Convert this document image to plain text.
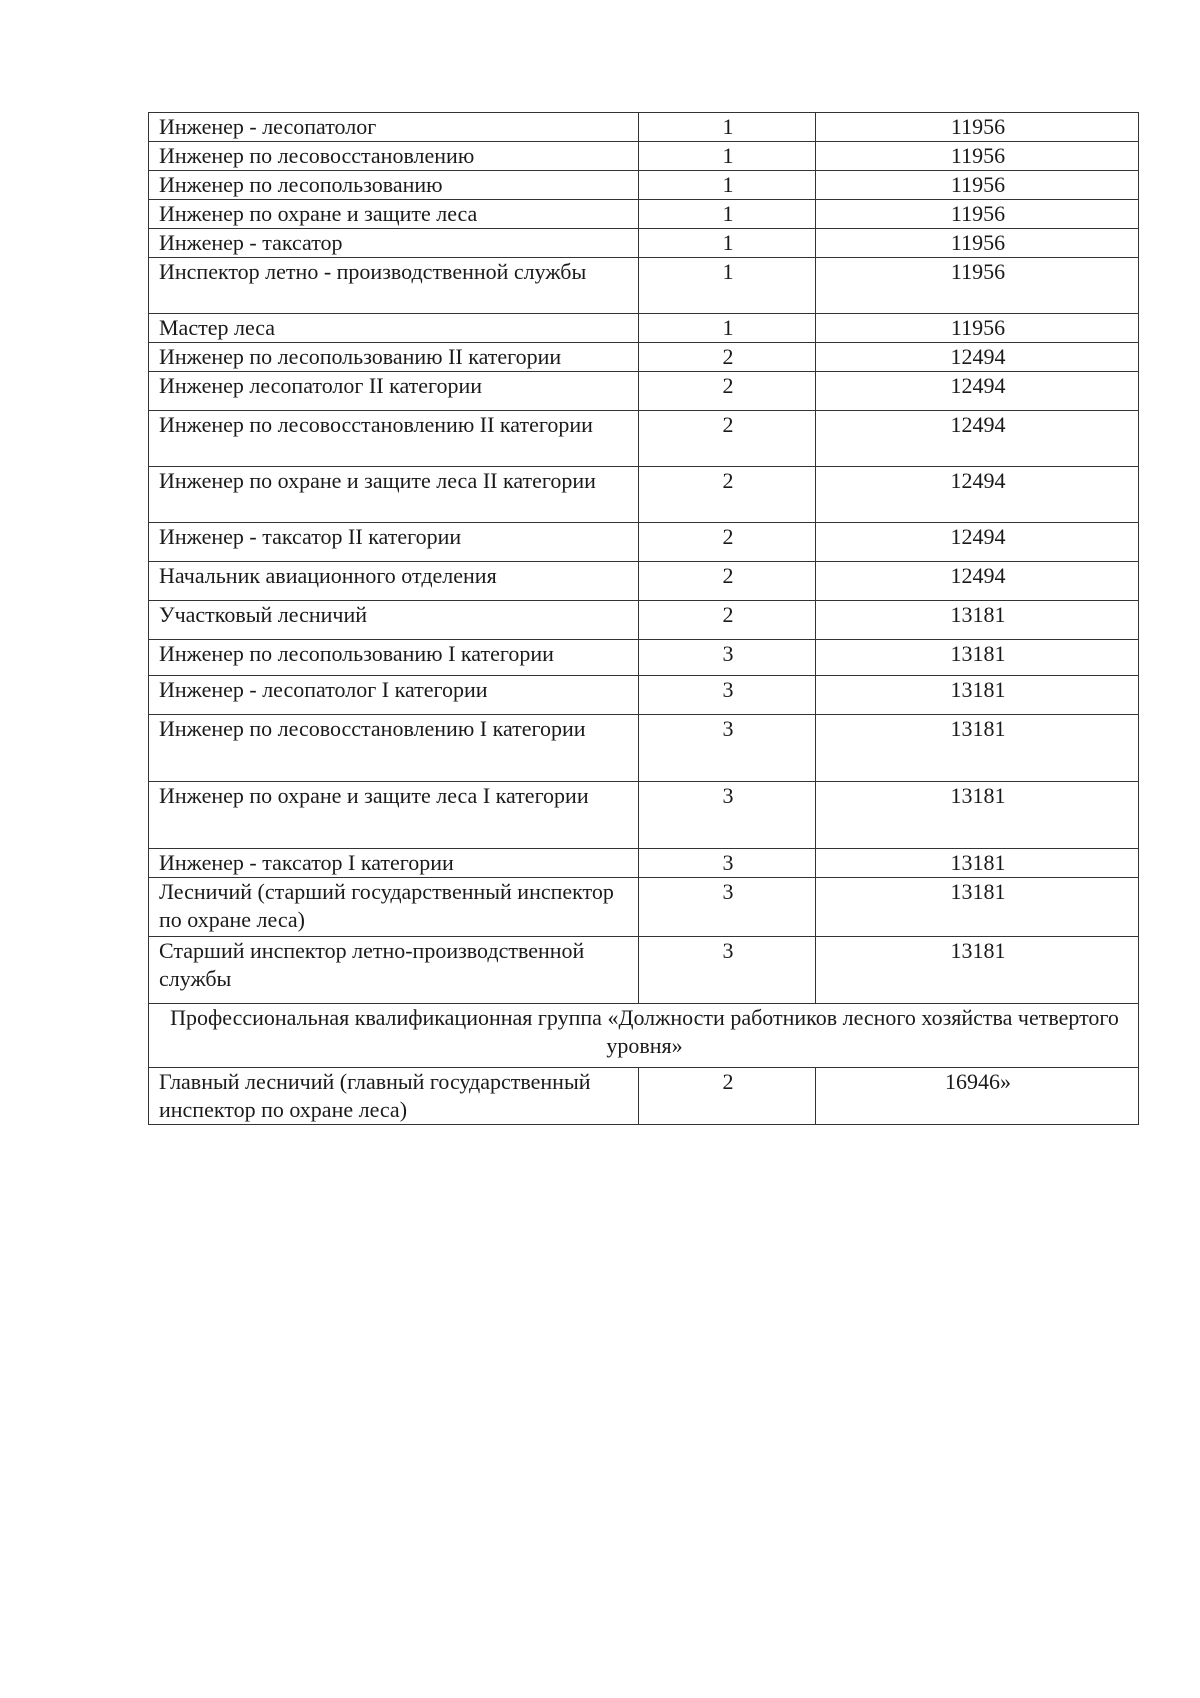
Инженер - лесопатолог	1	11956
Инженер по лесовосстановлению	1	11956
Инженер по лесопользованию	1	11956
Инженер по охране и защите леса	1	11956
Инженер - таксатор	1	11956
Инспектор летно - производственной службы	1	11956
Мастер леса	1	11956
Инженер по лесопользованию II категории	2	12494
Инженер лесопатолог II категории	2	12494
Инженер по лесовосстановлению II категории	2	12494
Инженер по охране и защите леса II категории	2	12494
Инженер - таксатор II категории	2	12494
Начальник авиационного отделения	2	12494
Участковый лесничий	2	13181
Инженер по лесопользованию I категории	3	13181
Инженер - лесопатолог I категории	3	13181
Инженер по лесовосстановлению I категории	3	13181
Инженер по охране и защите леса I категории	3	13181
Инженер - таксатор I категории	3	13181
Лесничий (старший государственный инспектор по охране леса)	3	13181
Старший инспектор летно-производственной службы	3	13181
Профессиональная квалификационная группа «Должности работников лесного хозяйства четвертого уровня»		
Главный лесничий (главный государственный инспектор по охране леса)	2	16946»
